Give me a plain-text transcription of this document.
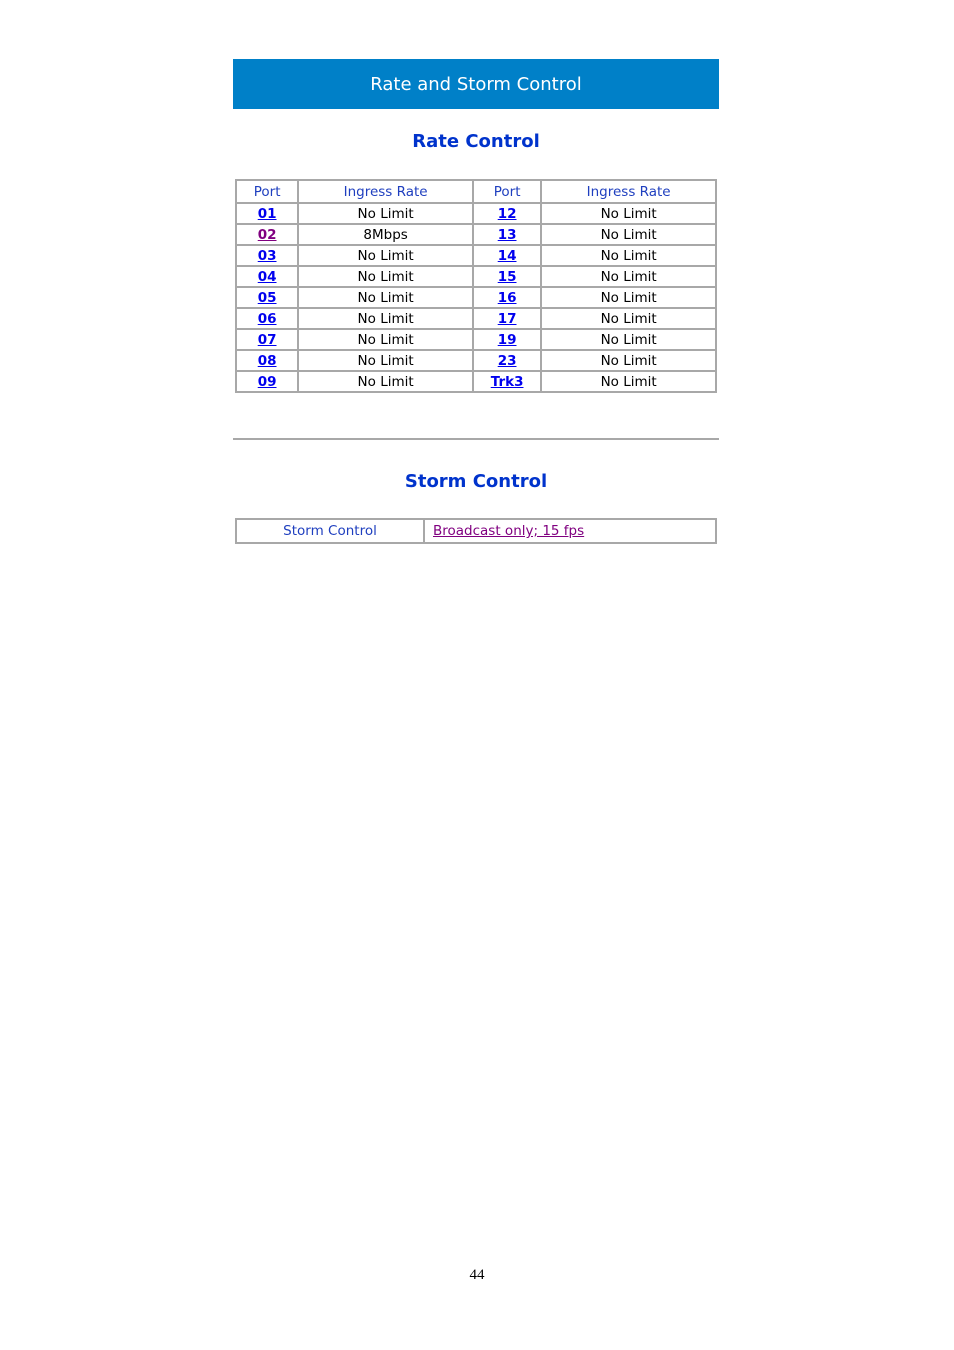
Rate and Storm Control
Rate Control
Port	Ingress Rate	Port	Ingress Rate
01	No Limit	12	No Limit
02	8Mbps	13	No Limit
03	No Limit	14	No Limit
04	No Limit	15	No Limit
05	No Limit	16	No Limit
06	No Limit	17	No Limit
07	No Limit	19	No Limit
08	No Limit	23	No Limit
09	No Limit	Trk3	No Limit
Storm Control
Storm Control	Broadcast only; 15 fps
44
